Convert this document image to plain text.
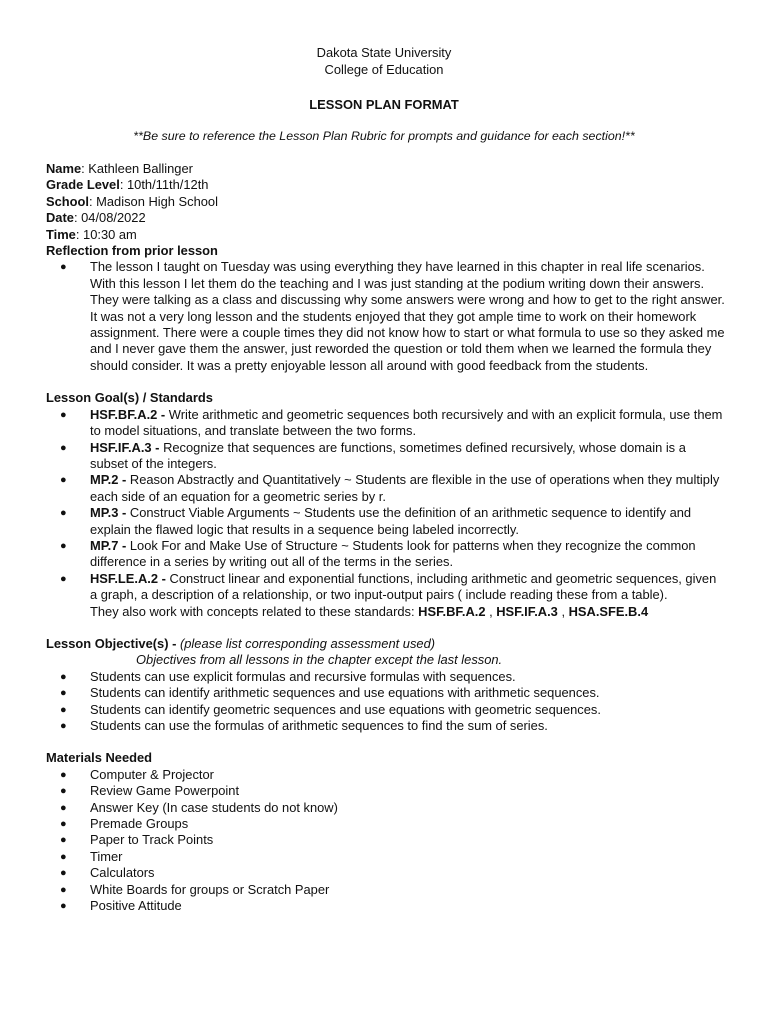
Dakota State University
College of Education
LESSON PLAN FORMAT
**Be sure to reference the Lesson Plan Rubric for prompts and guidance for each section!**
Name: Kathleen Ballinger
Grade Level: 10th/11th/12th
School: Madison High School
Date: 04/08/2022
Time: 10:30 am
Reflection from prior lesson
● The lesson I taught on Tuesday was using everything they have learned in this chapter in real life scenarios. With this lesson I let them do the teaching and I was just standing at the podium writing down their answers. They were talking as a class and discussing why some answers were wrong and how to get to the right answer. It was not a very long lesson and the students enjoyed that they got ample time to work on their homework assignment. There were a couple times they did not know how to start or what formula to use so they asked me and I never gave them the answer, just reworded the question or told them when we learned the formula they should consider. It was a pretty enjoyable lesson all around with good feedback from the students.
Lesson Goal(s) / Standards
● HSF.BF.A.2 - Write arithmetic and geometric sequences both recursively and with an explicit formula, use them to model situations, and translate between the two forms.
● HSF.IF.A.3 - Recognize that sequences are functions, sometimes defined recursively, whose domain is a subset of the integers.
● MP.2 - Reason Abstractly and Quantitatively ~ Students are flexible in the use of operations when they multiply each side of an equation for a geometric series by r.
● MP.3 - Construct Viable Arguments ~ Students use the definition of an arithmetic sequence to identify and explain the flawed logic that results in a sequence being labeled incorrectly.
● MP.7 - Look For and Make Use of Structure ~ Students look for patterns when they recognize the common difference in a series by writing out all of the terms in the series.
● HSF.LE.A.2 - Construct linear and exponential functions, including arithmetic and geometric sequences, given a graph, a description of a relationship, or two input-output pairs ( include reading these from a table).
They also work with concepts related to these standards: HSF.BF.A.2 , HSF.IF.A.3 , HSA.SFE.B.4
Lesson Objective(s) - (please list corresponding assessment used)
Objectives from all lessons in the chapter except the last lesson.
● Students can use explicit formulas and recursive formulas with sequences.
● Students can identify arithmetic sequences and use equations with arithmetic sequences.
● Students can identify geometric sequences and use equations with geometric sequences.
● Students can use the formulas of arithmetic sequences to find the sum of series.
Materials Needed
● Computer & Projector
● Review Game Powerpoint
● Answer Key (In case students do not know)
● Premade Groups
● Paper to Track Points
● Timer
● Calculators
● White Boards for groups or Scratch Paper
● Positive Attitude
